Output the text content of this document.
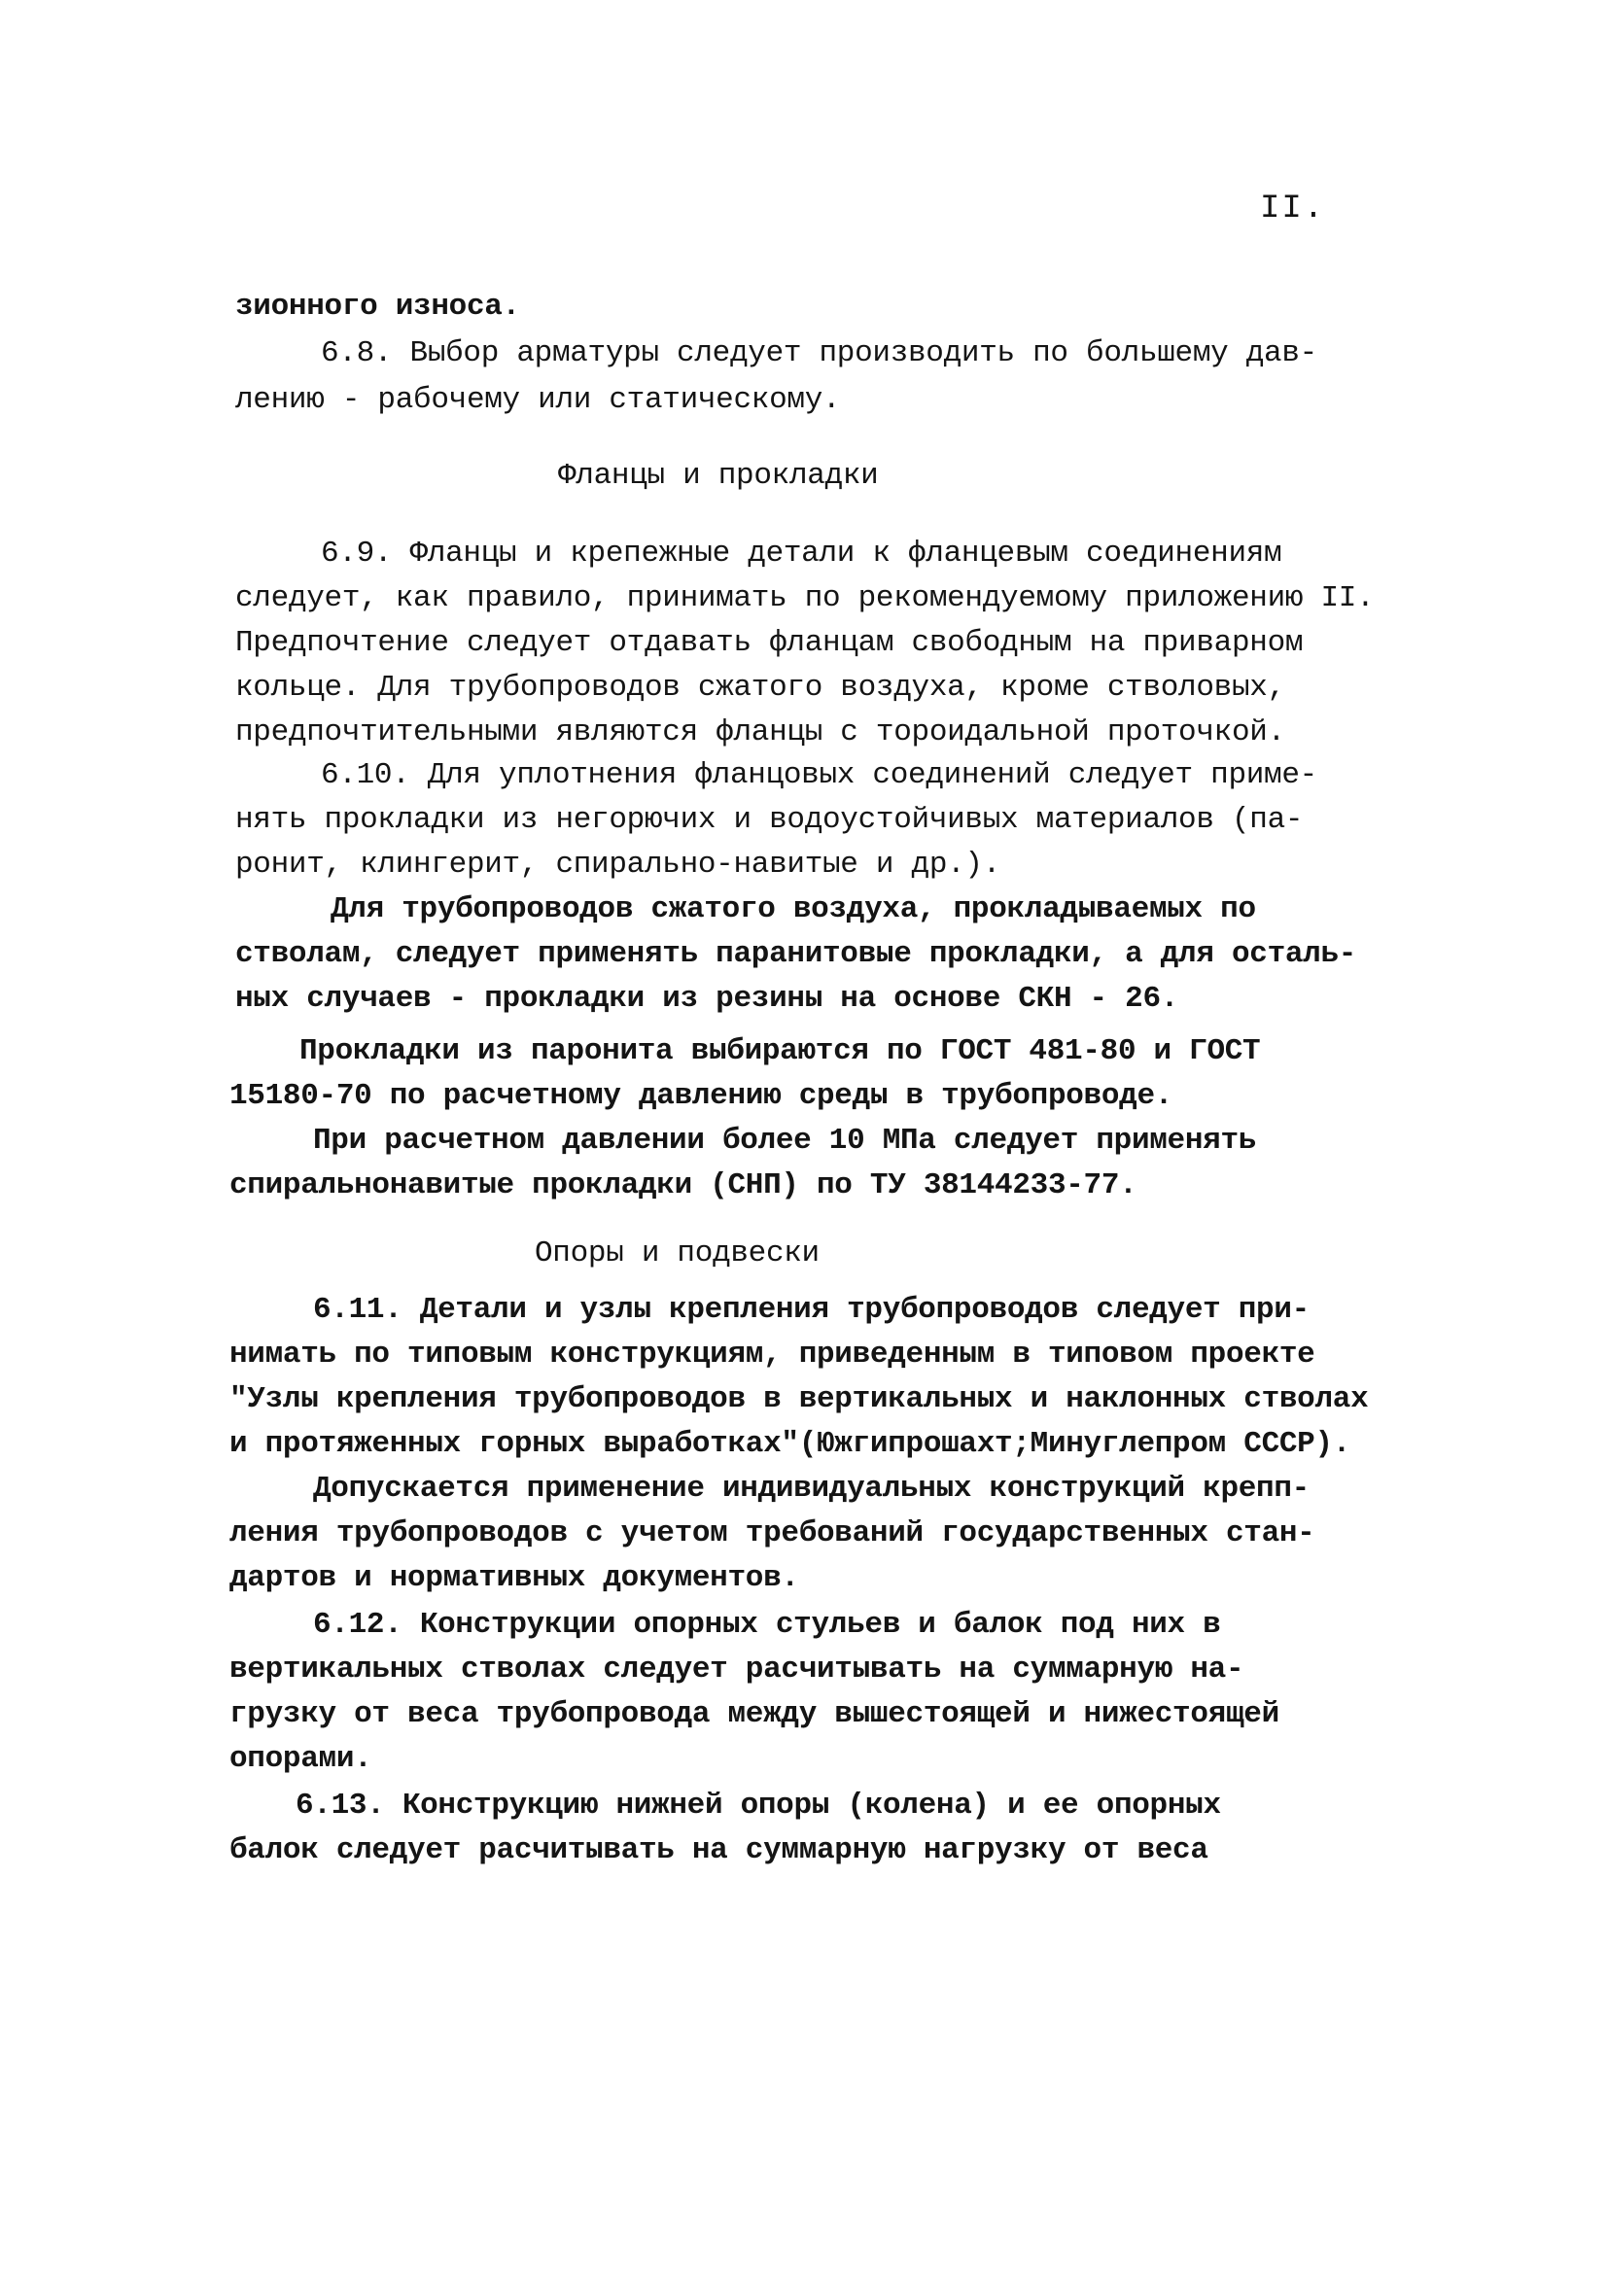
II.
зионного износа.
6.8. Выбор арматуры следует производить по большему дав-
лению - рабочему или статическому.
Фланцы и прокладки
6.9. Фланцы и крепежные детали к фланцевым соединениям
следует, как правило, принимать по рекомендуемому приложению II.
Предпочтение следует отдавать фланцам свободным на приварном
кольце. Для трубопроводов сжатого воздуха, кроме стволовых,
предпочтительными являются фланцы с тороидальной проточкой.
6.10. Для уплотнения фланцовых соединений следует приме-
нять прокладки из негорючих и водоустойчивых материалов (па-
ронит, клингерит, спирально-навитые и др.).
Для трубопроводов сжатого воздуха, прокладываемых по
стволам, следует применять паранитовые прокладки, а для осталь-
ных случаев - прокладки из резины на основе СКН - 26.
Прокладки из паронита выбираются по ГОСТ 481-80 и ГОСТ
15180-70 по расчетному давлению среды в трубопроводе.
При расчетном давлении более 10 МПа следует применять
спиральнонавитые прокладки (СНП) по ТУ 38144233-77.
Опоры и подвески
6.11. Детали и узлы крепления трубопроводов следует при-
нимать по типовым конструкциям, приведенным в типовом проекте
"Узлы крепления трубопроводов в вертикальных и наклонных стволах
и протяженных горных выработках"(Южгипрошахт;Минуглепром СССР).
Допускается применение индивидуальных конструкций крепп-
ления трубопроводов с учетом требований государственных стан-
дартов и нормативных документов.
6.12. Конструкции опорных стульев и балок под них в
вертикальных стволах следует расчитывать на суммарную на-
грузку от веса трубопровода между вышестоящей и нижестоящей
опорами.
6.13. Конструкцию нижней опоры (колена) и ее опорных
балок следует расчитывать на суммарную нагрузку от веса
